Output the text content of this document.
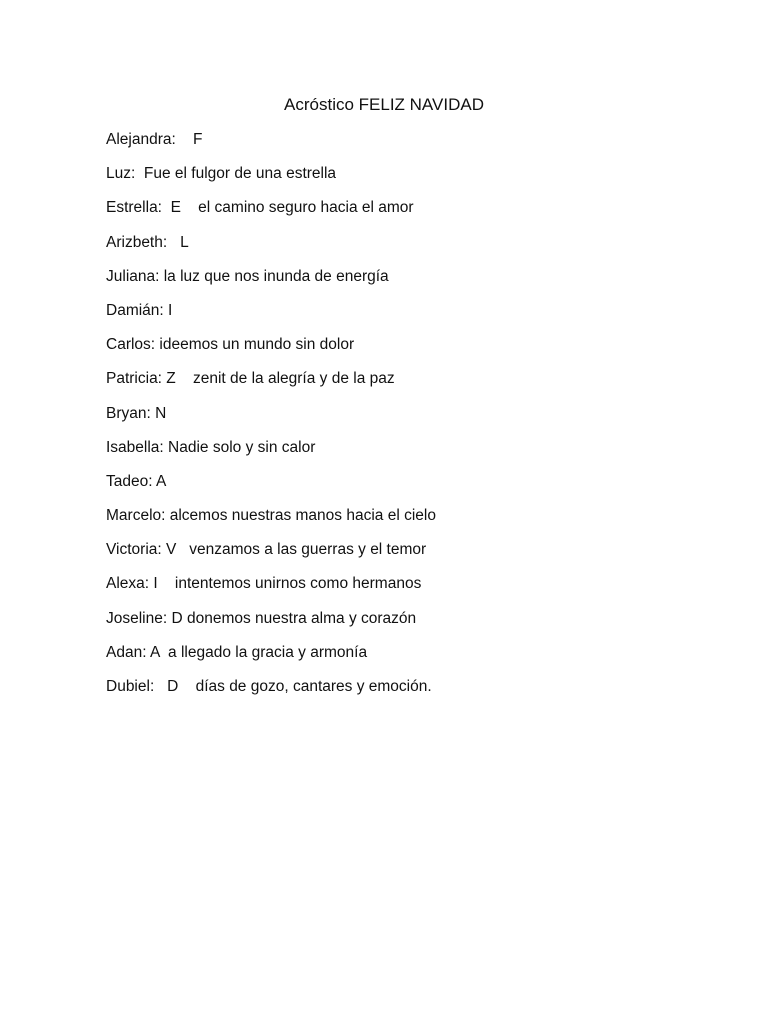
Acróstico FELIZ NAVIDAD
Alejandra:    F
Luz:  Fue el fulgor de una estrella
Estrella:  E    el camino seguro hacia el amor
Arizbeth:   L
Juliana: la luz que nos inunda de energía
Damián: I
Carlos: ideemos un mundo sin dolor
Patricia: Z    zenit de la alegría y de la paz
Bryan: N
Isabella: Nadie solo y sin calor
Tadeo: A
Marcelo: alcemos nuestras manos hacia el cielo
Victoria: V   venzamos a las guerras y el temor
Alexa: I    intentemos unirnos como hermanos
Joseline: D donemos nuestra alma y corazón
Adan: A  a llegado la gracia y armonía
Dubiel:   D    días de gozo, cantares y emoción.
